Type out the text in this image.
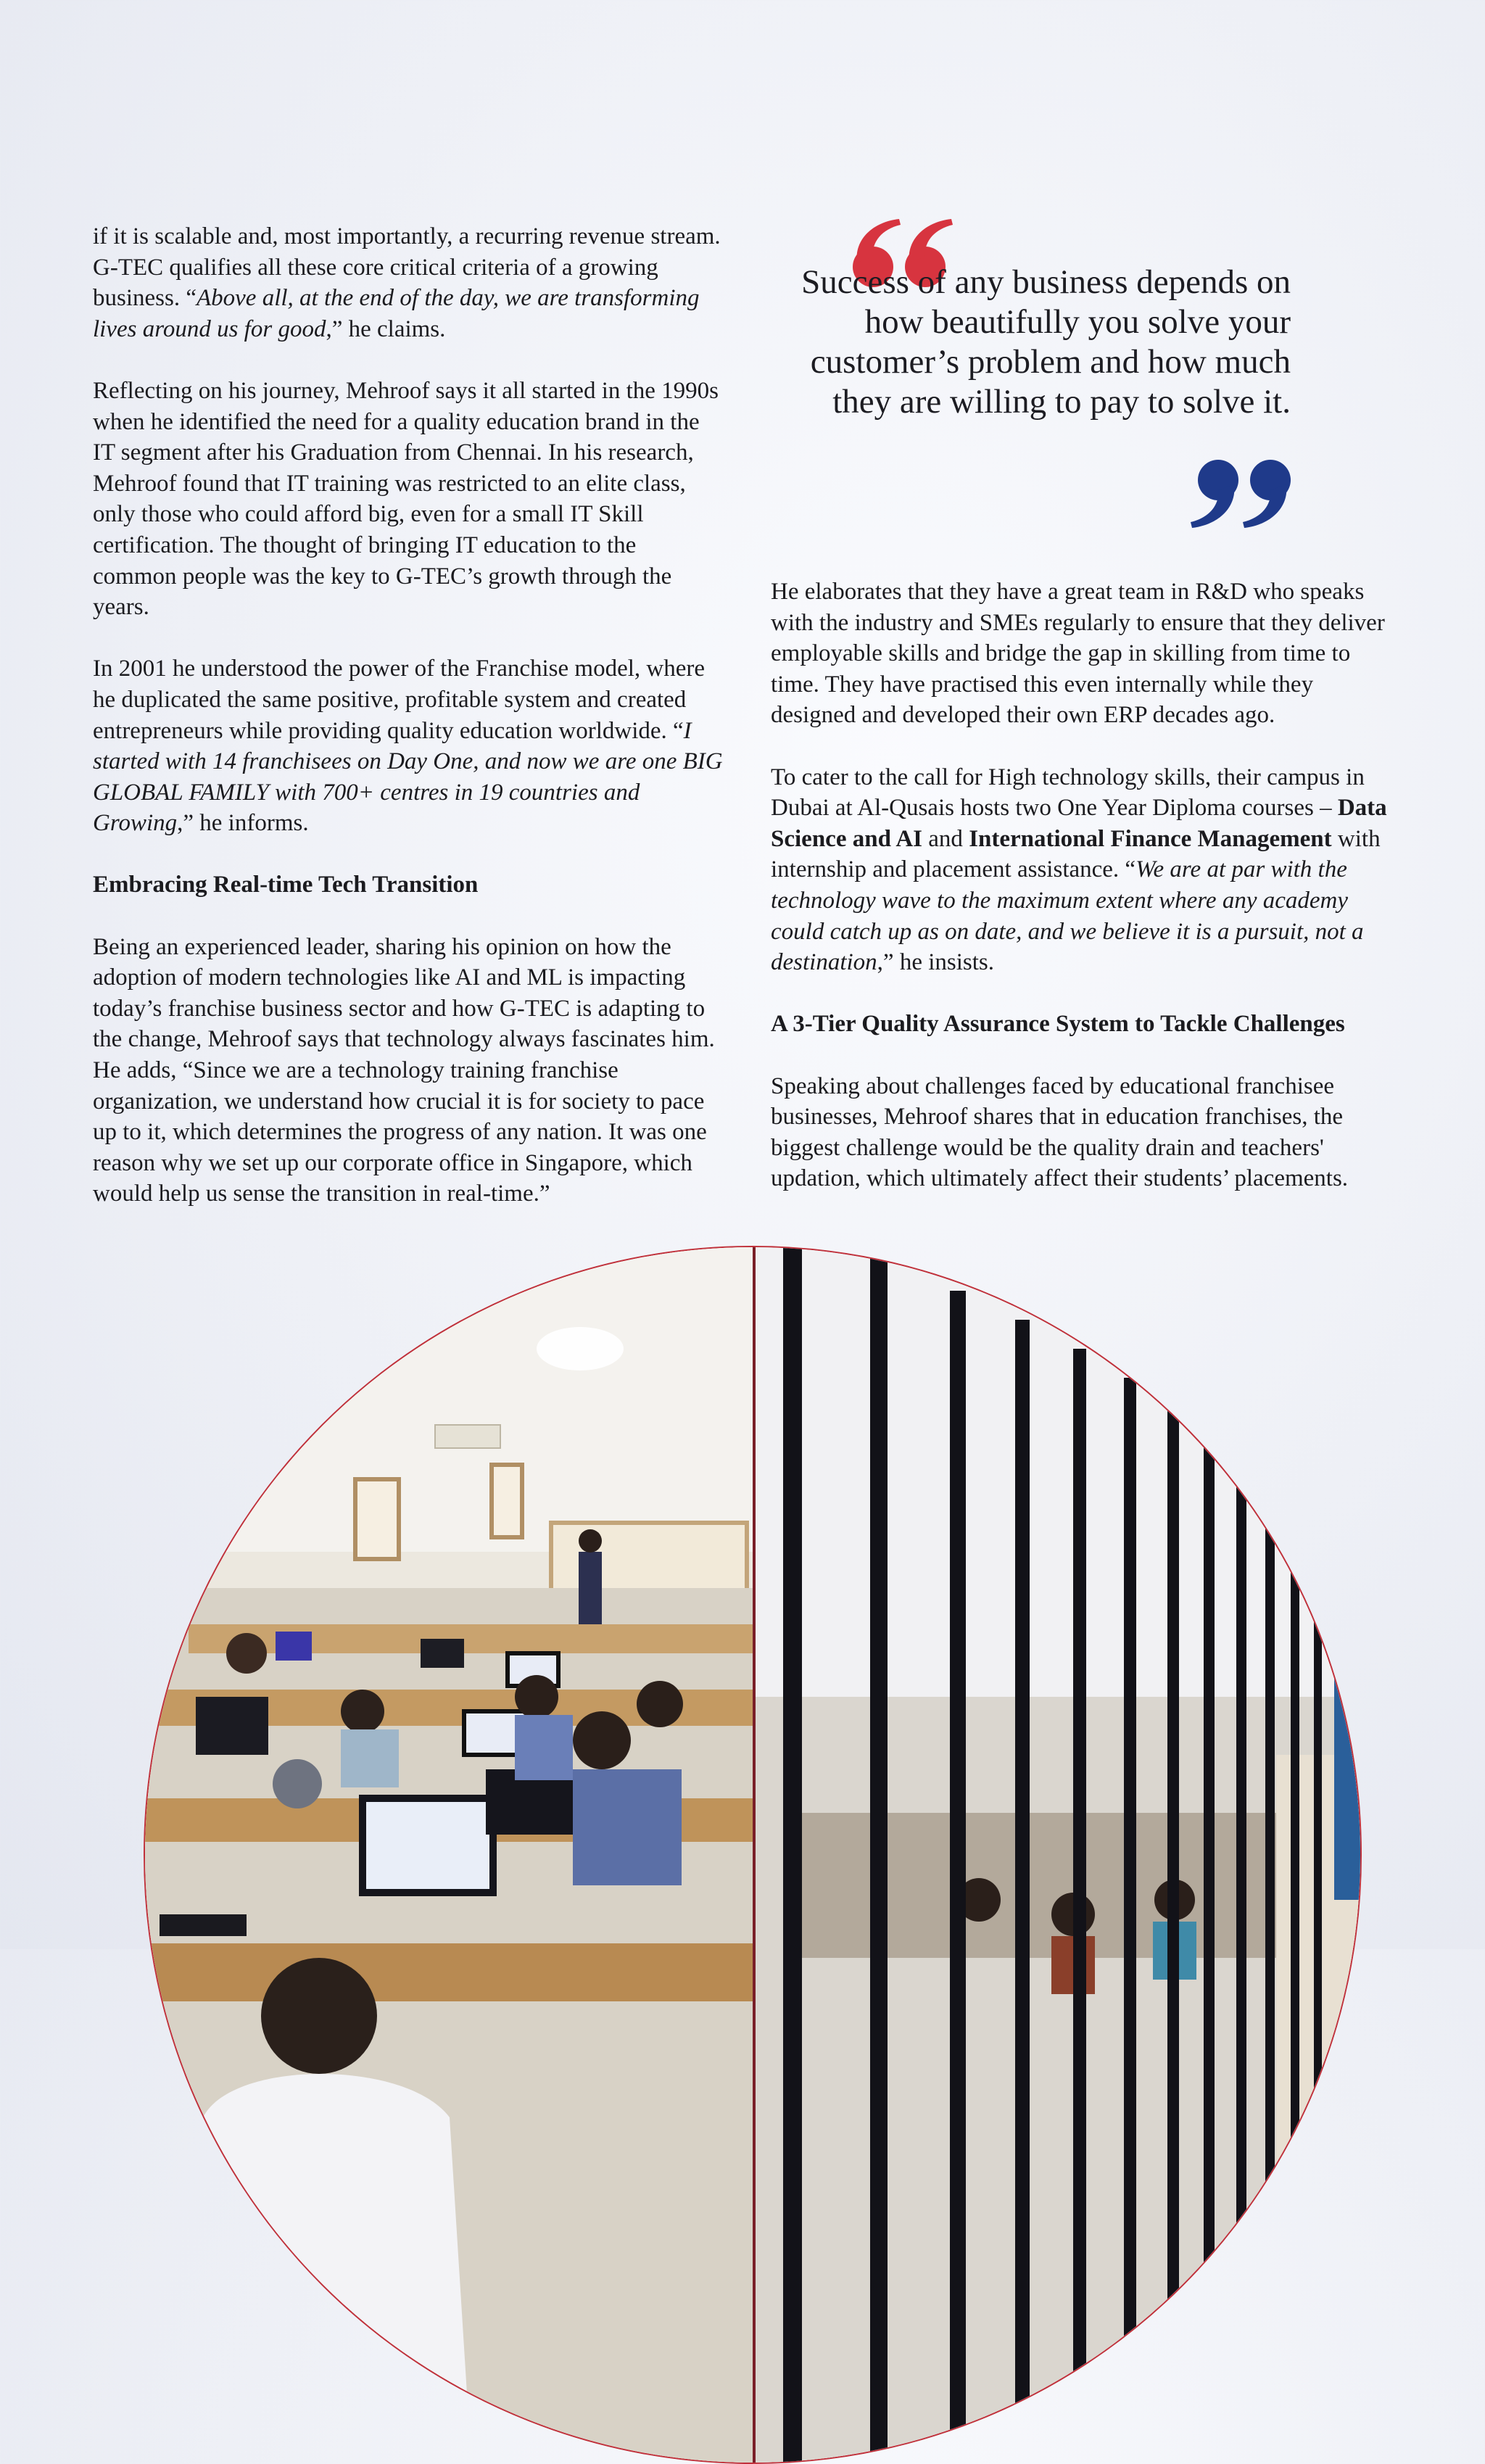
if it is scalable and, most importantly, a recurring revenue stream. G-TEC qualifies all these core critical criteria of a growing business. “Above all, at the end of the day, we are transforming lives around us for good,” he claims.

Reflecting on his journey, Mehroof says it all started in the 1990s when he identified the need for a quality education brand in the IT segment after his Graduation from Chennai. In his research, Mehroof found that IT training was restricted to an elite class, only those who could afford big, even for a small IT Skill certification. The thought of bringing IT education to the common people was the key to G-TEC’s growth through the years.

In 2001 he understood the power of the Franchise model, where he duplicated the same positive, profitable system and created entrepreneurs while providing quality education worldwide. “I started with 14 franchisees on Day One, and now we are one BIG GLOBAL FAMILY with 700+ centres in 19 countries and Growing,” he informs.

Embracing Real-time Tech Transition

Being an experienced leader, sharing his opinion on how the adoption of modern technologies like AI and ML is impacting today’s franchise business sector and how G-TEC is adapting to the change, Mehroof says that technology always fascinates him. He adds, “Since we are a technology training franchise organization, we understand how crucial it is for society to pace up to it, which determines the progress of any nation. It was one reason why we set up our corporate office in Singapore, which would help us sense the transition in real-time.”

Success of any business depends on how beautifully you solve your customer’s problem and how much they are willing to pay to solve it.

He elaborates that they have a great team in R&D who speaks with the industry and SMEs regularly to ensure that they deliver employable skills and bridge the gap in skilling from time to time. They have practised this even internally while they designed and developed their own ERP decades ago.

To cater to the call for High technology skills, their campus in Dubai at Al-Qusais hosts two One Year Diploma courses – Data Science and AI and International Finance Management with internship and placement assistance. “We are at par with the technology wave to the maximum extent where any academy could catch up as on date, and we believe it is a pursuit, not a destination,” he insists.

A 3-Tier Quality Assurance System to Tackle Challenges

Speaking about challenges faced by educational franchisee businesses, Mehroof shares that in education franchises, the biggest challenge would be the quality drain and teachers' updation, which ultimately affect their students’ placements.
